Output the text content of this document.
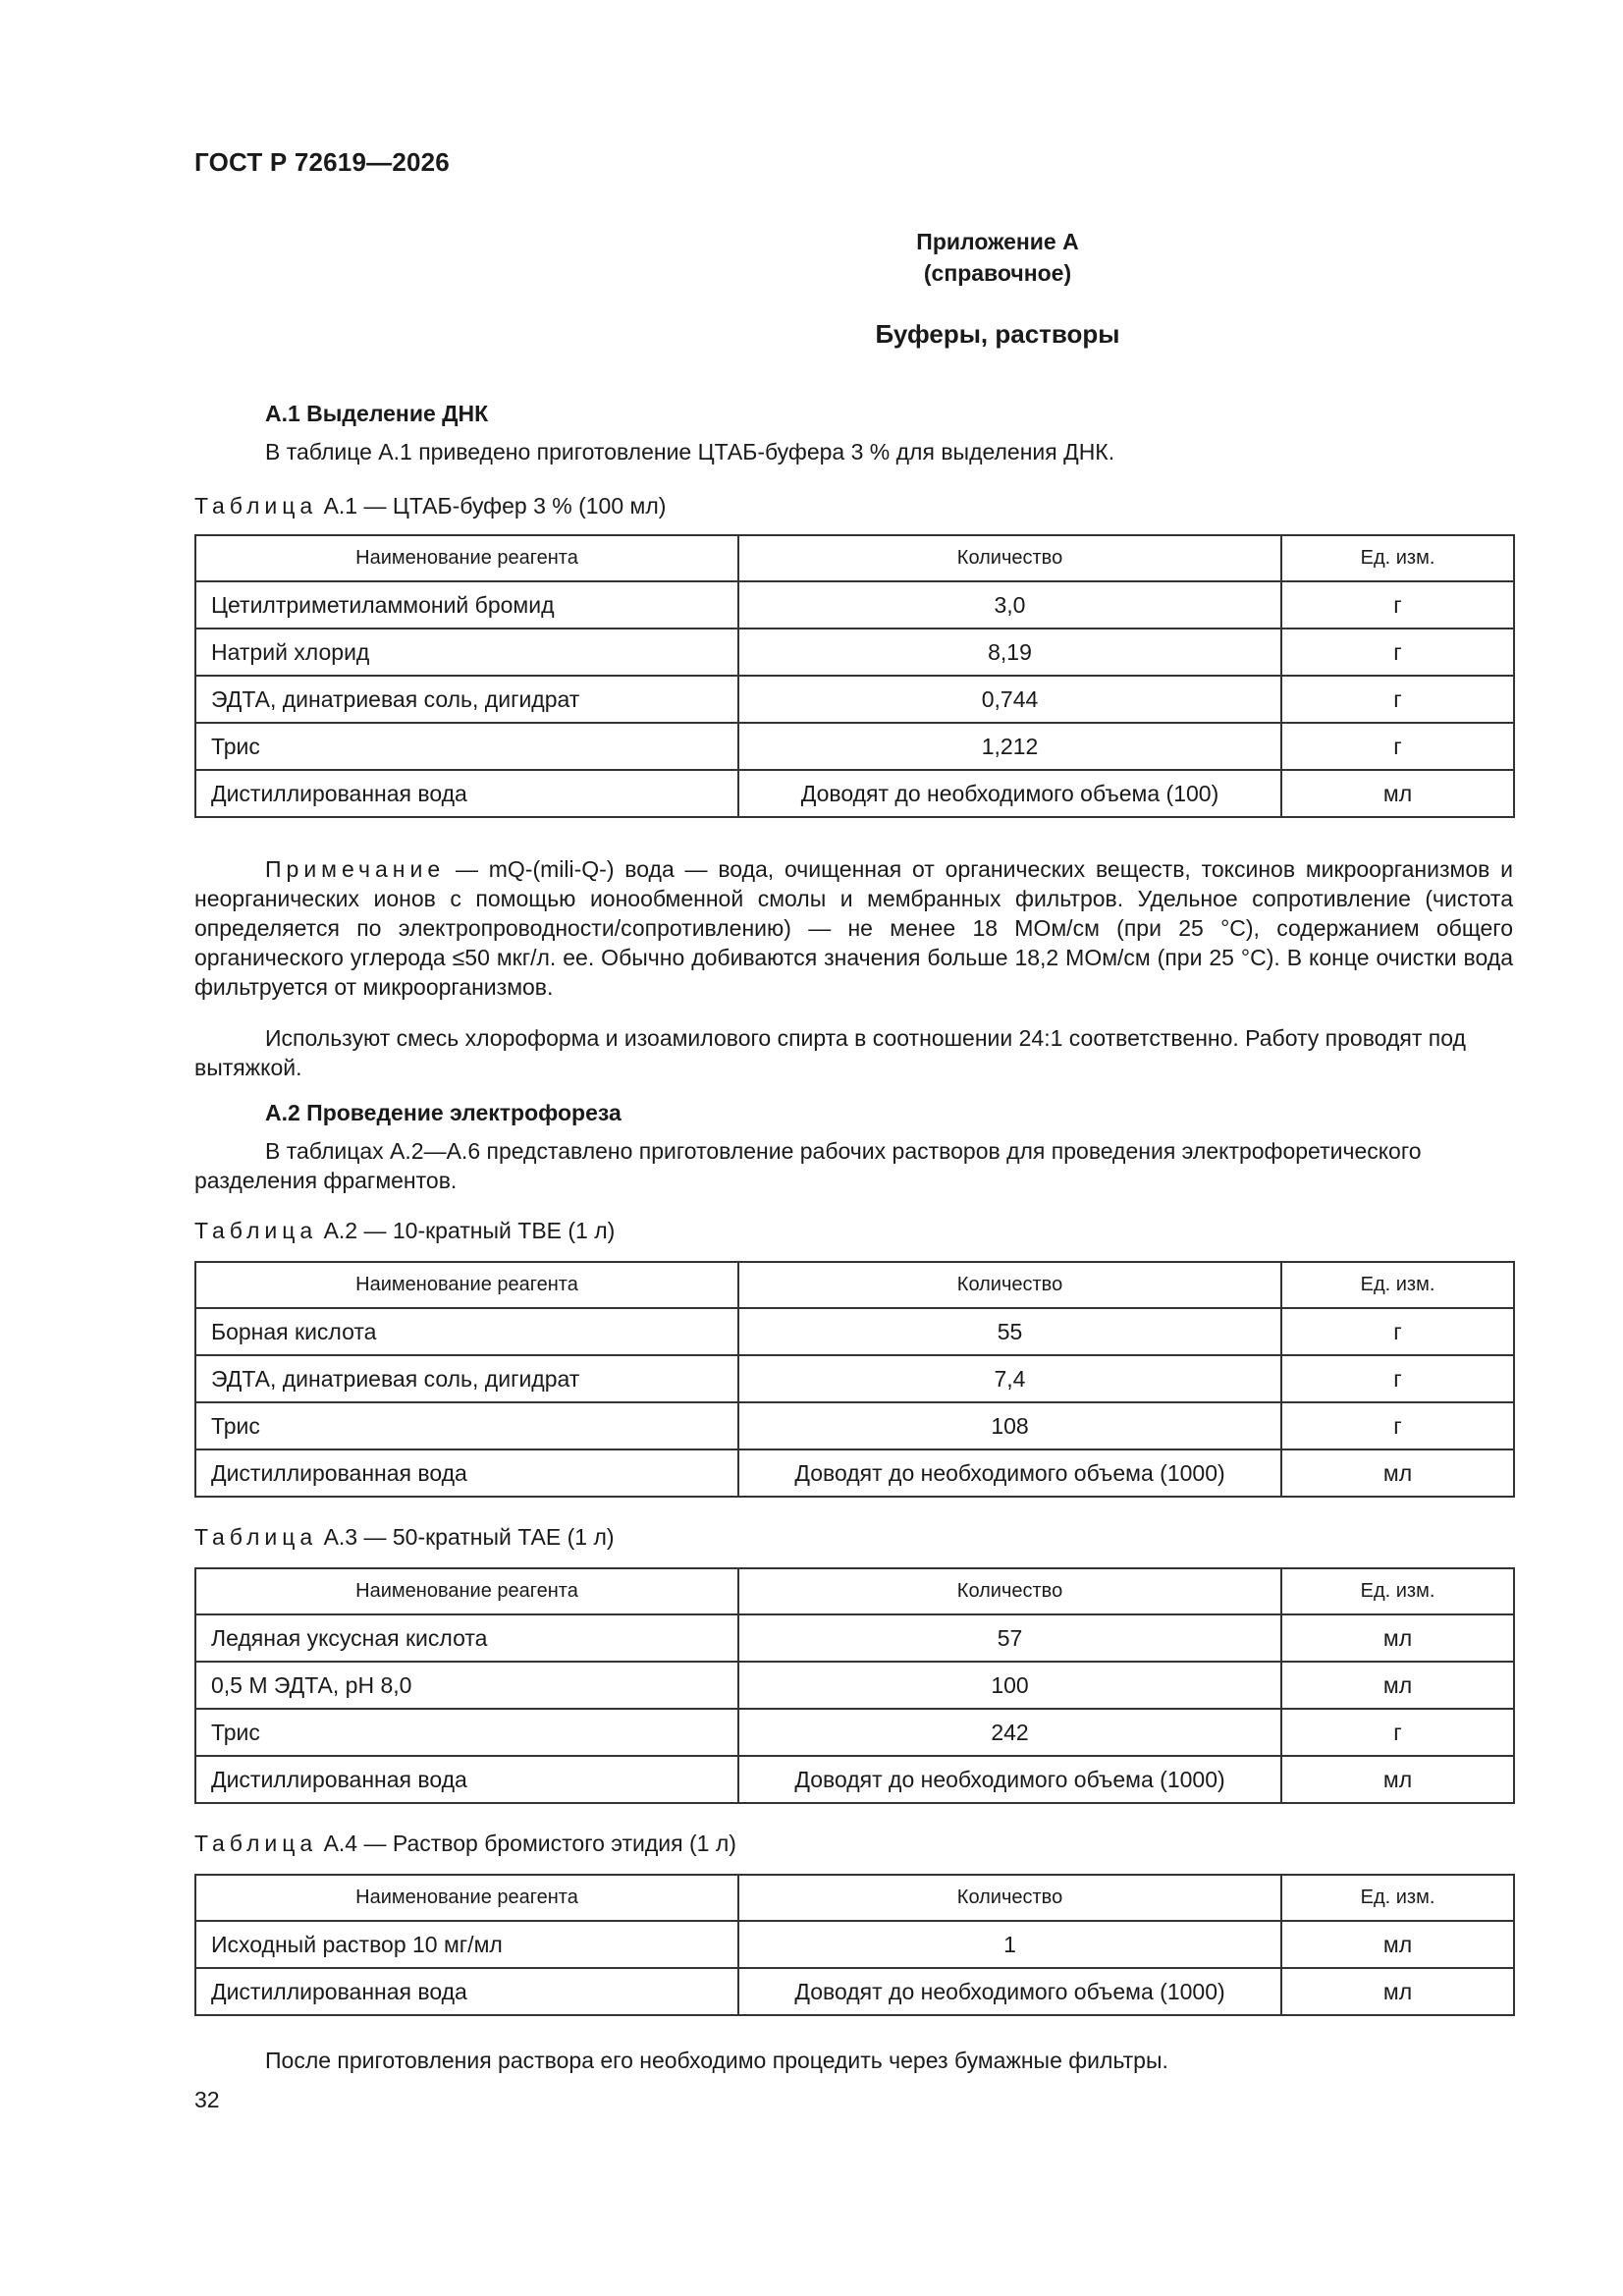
ГОСТ Р 72619—2026
Приложение А
(справочное)
Буферы, растворы
А.1 Выделение ДНК
В таблице А.1 приведено приготовление ЦТАБ-буфера 3 % для выделения ДНК.
Таблица А.1 — ЦТАБ-буфер 3 % (100 мл)
Наименование реагента	Количество	Ед. изм.
Цетилтриметиламмоний бромид	3,0	г
Натрий хлорид	8,19	г
ЭДТА, динатриевая соль, дигидрат	0,744	г
Трис	1,212	г
Дистиллированная вода	Доводят до необходимого объема (100)	мл
Примечание — mQ-(mili-Q-) вода — вода, очищенная от органических веществ, токсинов микроорганизмов и неорганических ионов с помощью ионообменной смолы и мембранных фильтров. Удельное сопротивление (чистота определяется по электропроводности/сопротивлению) — не менее 18 МОм/см (при 25 °С), содержанием общего органического углерода ≤50 мкг/л. ее. Обычно добиваются значения больше 18,2 МОм/см (при 25 °С). В конце очистки вода фильтруется от микроорганизмов.
Используют смесь хлороформа и изоамилового спирта в соотношении 24:1 соответственно. Работу проводят под вытяжкой.
А.2 Проведение электрофореза
В таблицах А.2—А.6 представлено приготовление рабочих растворов для проведения электрофоретического разделения фрагментов.
Таблица А.2 — 10-кратный ТВЕ (1 л)
Наименование реагента	Количество	Ед. изм.
Борная кислота	55	г
ЭДТА, динатриевая соль, дигидрат	7,4	г
Трис	108	г
Дистиллированная вода	Доводят до необходимого объема (1000)	мл
Таблица А.3 — 50-кратный ТАЕ (1 л)
Наименование реагента	Количество	Ед. изм.
Ледяная уксусная кислота	57	мл
0,5 М ЭДТА, рН 8,0	100	мл
Трис	242	г
Дистиллированная вода	Доводят до необходимого объема (1000)	мл
Таблица А.4 — Раствор бромистого этидия (1 л)
Наименование реагента	Количество	Ед. изм.
Исходный раствор 10 мг/мл	1	мл
Дистиллированная вода	Доводят до необходимого объема (1000)	мл
После приготовления раствора его необходимо процедить через бумажные фильтры.
32
